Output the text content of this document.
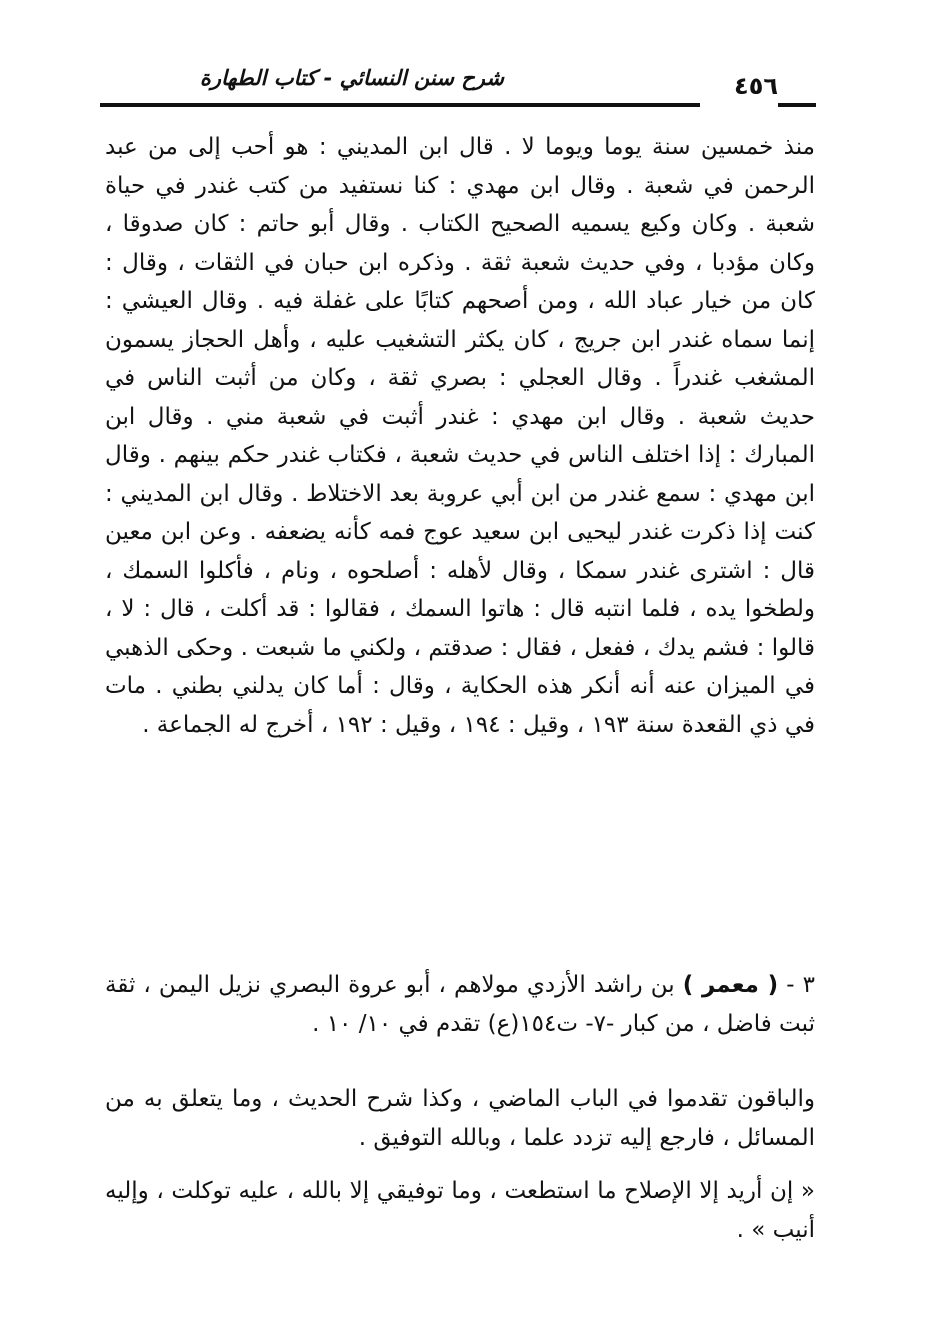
شرح سنن النسائي - كتاب الطهارة	٤٥٦
منذ خمسين سنة يوما ويوما لا . قال ابن المديني : هو أحب إلى من عبد الرحمن في شعبة . وقال ابن مهدي : كنا نستفيد من كتب غندر في حياة شعبة . وكان وكيع يسميه الصحيح الكتاب . وقال أبو حاتم : كان صدوقا ، وكان مؤدبا ، وفي حديث شعبة ثقة . وذكره ابن حبان في الثقات ، وقال : كان من خيار عباد الله ، ومن أصحهم كتابًا على غفلة فيه . وقال العيشي : إنما سماه غندر ابن جريج ، كان يكثر التشغيب عليه ، وأهل الحجاز يسمون المشغب غندراً . وقال العجلي : بصري ثقة ، وكان من أثبت الناس في حديث شعبة . وقال ابن مهدي : غندر أثبت في شعبة مني . وقال ابن المبارك : إذا اختلف الناس في حديث شعبة ، فكتاب غندر حكم بينهم . وقال ابن مهدي : سمع غندر من ابن أبي عروبة بعد الاختلاط . وقال ابن المديني : كنت إذا ذكرت غندر ليحيى ابن سعيد عوج فمه كأنه يضعفه . وعن ابن معين قال : اشترى غندر سمكا ، وقال لأهله : أصلحوه ، ونام ، فأكلوا السمك ، ولطخوا يده ، فلما انتبه قال : هاتوا السمك ، فقالوا : قد أكلت ، قال : لا ، قالوا : فشم يدك ، ففعل ، فقال : صدقتم ، ولكني ما شبعت . وحكى الذهبي في الميزان عنه أنه أنكر هذه الحكاية ، وقال : أما كان يدلني بطني . مات في ذي القعدة سنة ١٩٣ ، وقيل : ١٩٤ ، وقيل : ١٩٢ ، أخرج له الجماعة .
٣ - ( معمر ) بن راشد الأزدي مولاهم ، أبو عروة البصري نزيل اليمن ، ثقة ثبت فاضل ، من كبار -٧- ت١٥٤(ع) تقدم في ١٠/ ١٠ .
والباقون تقدموا في الباب الماضي ، وكذا شرح الحديث ، وما يتعلق به من المسائل ، فارجع إليه تزدد علما ، وبالله التوفيق .
« إن أريد إلا الإصلاح ما استطعت ، وما توفيقي إلا بالله ، عليه توكلت ، وإليه أنيب » .
